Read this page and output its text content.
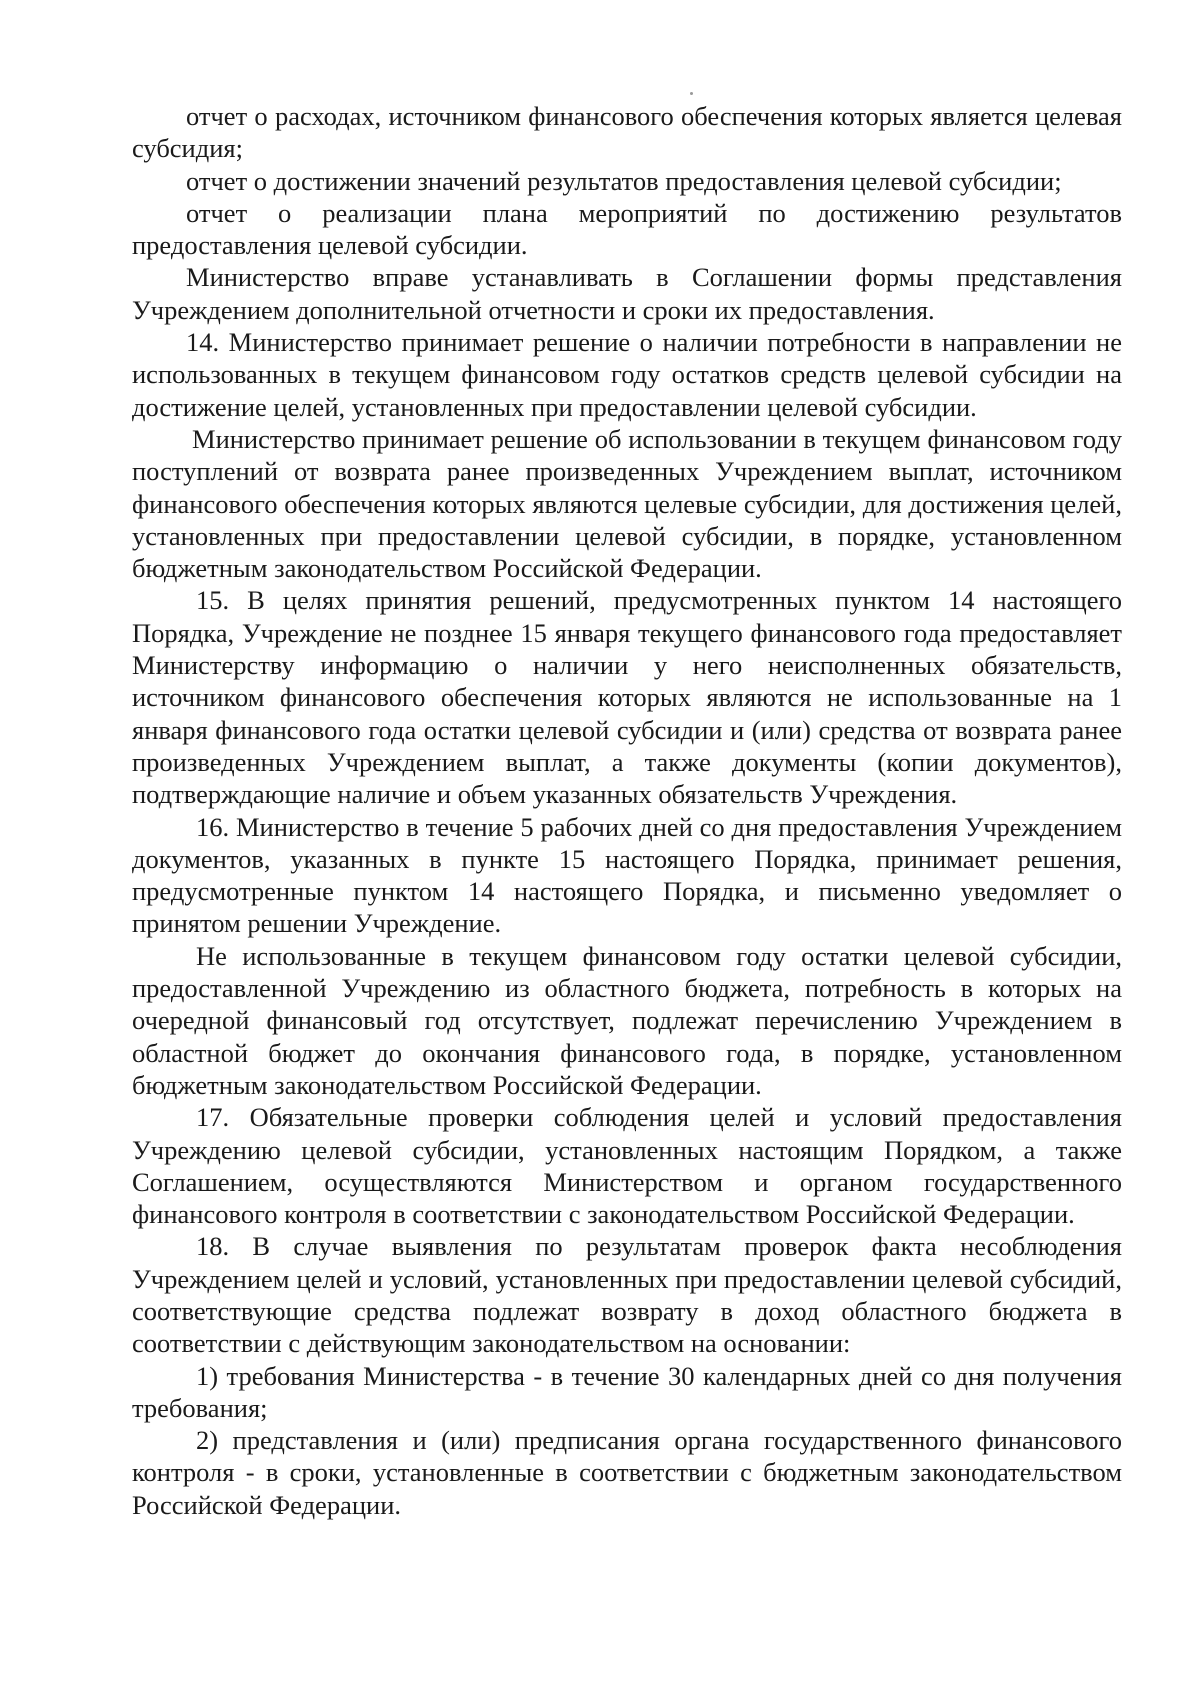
отчет о расходах, источником финансового обеспечения которых является целевая субсидия;

отчет о достижении значений результатов предоставления целевой субсидии;

отчет о реализации плана мероприятий по достижению результатов предоставления целевой субсидии.

Министерство вправе устанавливать в Соглашении формы представления Учреждением дополнительной отчетности и сроки их предоставления.

14. Министерство принимает решение о наличии потребности в направлении не использованных в текущем финансовом году остатков средств целевой субсидии на достижение целей, установленных при предоставлении целевой субсидии.

Министерство принимает решение об использовании в текущем финансовом году поступлений от возврата ранее произведенных Учреждением выплат, источником финансового обеспечения которых являются целевые субсидии, для достижения целей, установленных при предоставлении целевой субсидии, в порядке, установленном бюджетным законодательством Российской Федерации.

15. В целях принятия решений, предусмотренных пунктом 14 настоящего Порядка, Учреждение не позднее 15 января текущего финансового года предоставляет Министерству информацию о наличии у него неисполненных обязательств, источником финансового обеспечения которых являются не использованные на 1 января финансового года остатки целевой субсидии и (или) средства от возврата ранее произведенных Учреждением выплат, а также документы (копии документов), подтверждающие наличие и объем указанных обязательств Учреждения.

16. Министерство в течение 5 рабочих дней со дня предоставления Учреждением документов, указанных в пункте 15 настоящего Порядка, принимает решения, предусмотренные пунктом 14 настоящего Порядка, и письменно уведомляет о принятом решении Учреждение.

Не использованные в текущем финансовом году остатки целевой субсидии, предоставленной Учреждению из областного бюджета, потребность в которых на очередной финансовый год отсутствует, подлежат перечислению Учреждением в областной бюджет до окончания финансового года, в порядке, установленном бюджетным законодательством Российской Федерации.

17. Обязательные проверки соблюдения целей и условий предоставления Учреждению целевой субсидии, установленных настоящим Порядком, а также Соглашением, осуществляются Министерством и органом государственного финансового контроля в соответствии с законодательством Российской Федерации.

18. В случае выявления по результатам проверок факта несоблюдения Учреждением целей и условий, установленных при предоставлении целевой субсидий, соответствующие средства подлежат возврату в доход областного бюджета в соответствии с действующим законодательством на основании:

1) требования Министерства - в течение 30 календарных дней со дня получения требования;

2) представления и (или) предписания органа государственного финансового контроля - в сроки, установленные в соответствии с бюджетным законодательством Российской Федерации.
